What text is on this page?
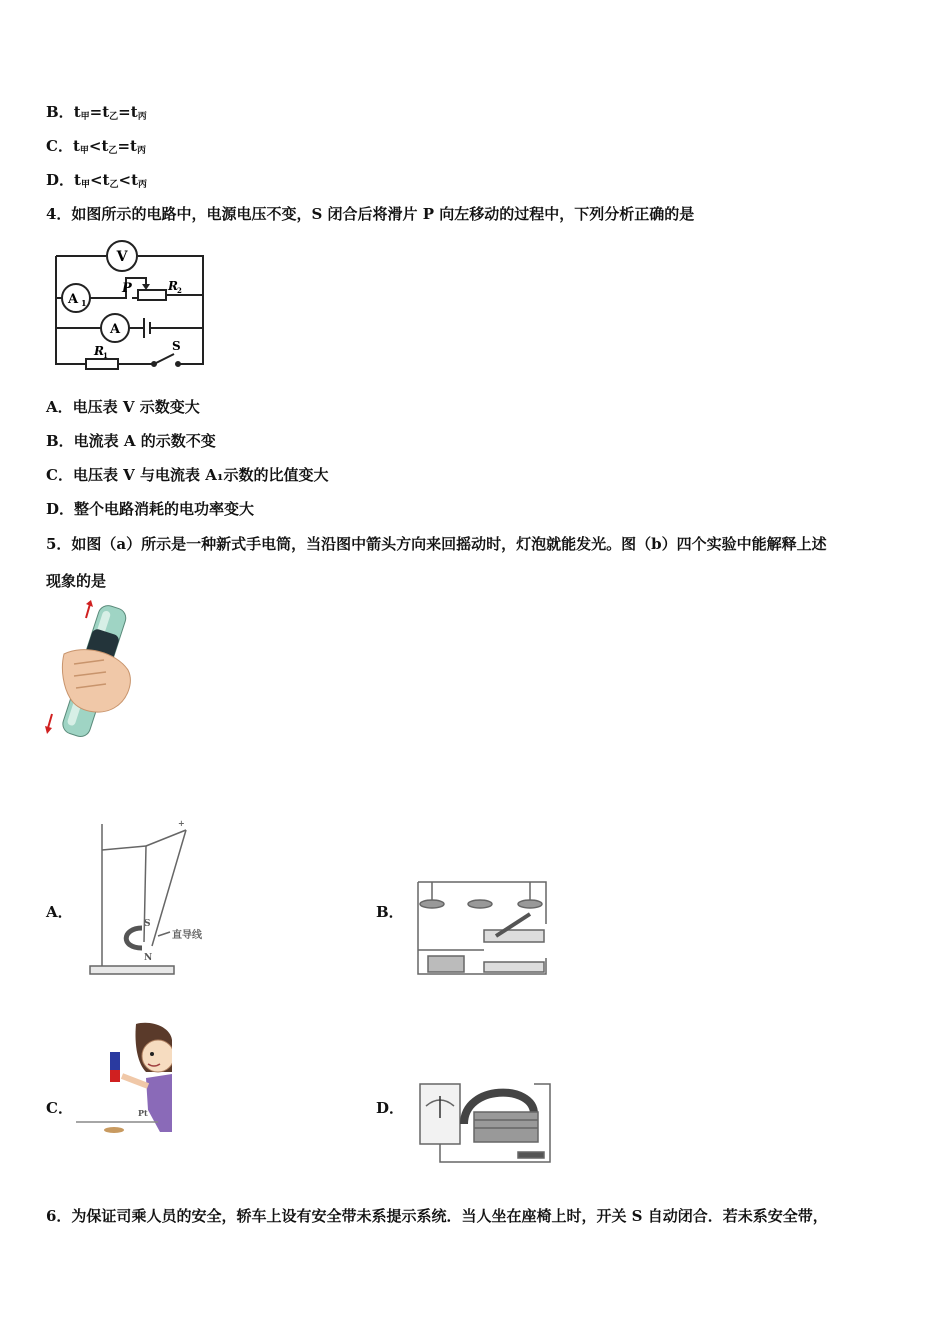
B．$t_甲=t_乙=t_丙$
C．$t_甲<t_乙=t_丙$
D．$t_甲<t_乙<t_丙$
4．如图所示的电路中，电源电压不变，S 闭合后将滑片 P 向左移动的过程中，下列分析正确的是
V
A 1
A
P	R 2
R 1
S
A．电压表 V 示数变大
B．电流表 A 的示数不变
C．电压表 V 与电流表 A₁示数的比值变大
D．整个电路消耗的电功率变大
5．如图（a）所示是一种新式手电筒，当沿图中箭头方向来回摇动时，灯泡就能发光。图（b）四个实验中能解释上述
现象的是
A．
+
S
N
直导线
B．
C．	Pt	D．
6．为保证司乘人员的安全，轿车上设有安全带未系提示系统．当人坐在座椅上时，开关 S 自动闭合．若未系安全带，
